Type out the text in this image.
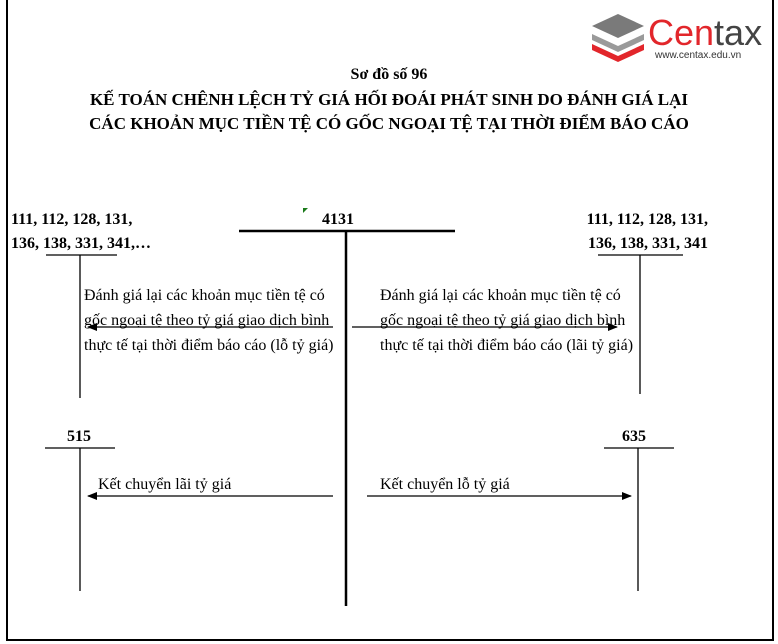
Centax
www.centax.edu.vn
Sơ đồ số 96
KẾ TOÁN CHÊNH LỆCH TỶ GIÁ HỐI ĐOÁI PHÁT SINH DO ĐÁNH GIÁ LẠI
CÁC KHOẢN MỤC TIỀN TỆ CÓ GỐC NGOẠI TỆ TẠI THỜI ĐIỂM BÁO CÁO
4131
111, 112, 128, 131,
136, 138, 331, 341,…
111, 112, 128, 131,
136, 138, 331, 341
515	635
Đánh giá lại các khoản mục tiền tệ có
gốc ngoại tệ theo tỷ giá giao dịch bình
thực tế tại thời điểm báo cáo (lỗ tỷ giá)
Đánh giá lại các khoản mục tiền tệ có
gốc ngoại tệ theo tỷ giá giao dịch bình
thực tế tại thời điểm báo cáo (lãi tỷ giá)
Kết chuyển lãi tỷ giá	Kết chuyển lỗ tỷ giá
